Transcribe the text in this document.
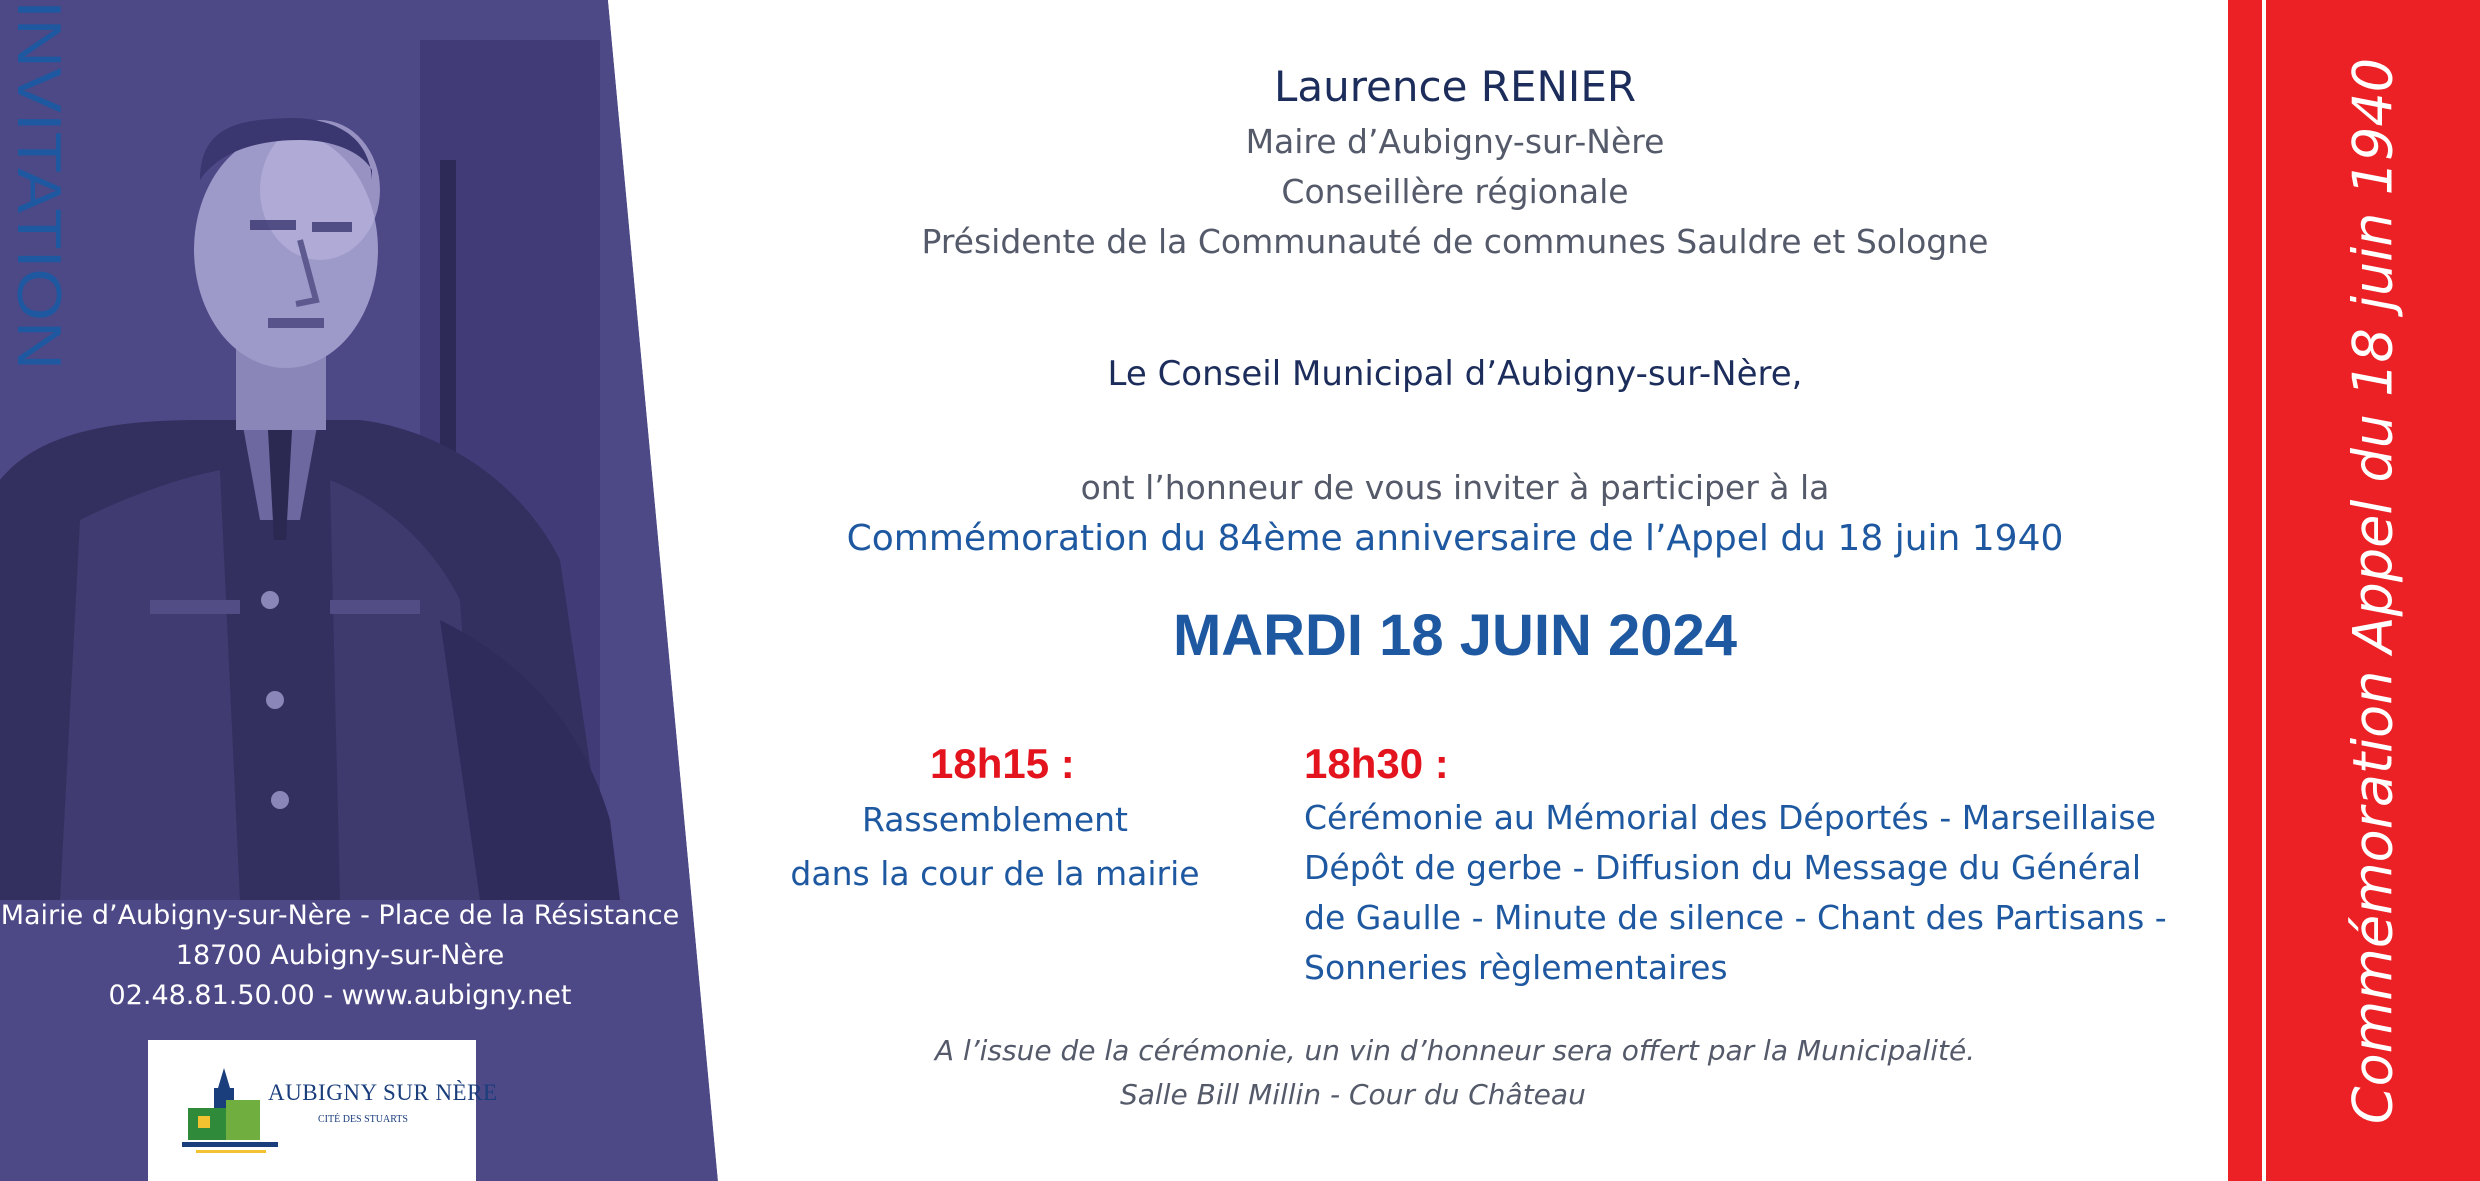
INVITATION
Mairie d’Aubigny-sur-Nère - Place de la Résistance
18700 Aubigny-sur-Nère
02.48.81.50.00 - www.aubigny.net
AUBIGNY SUR NÈRE
CITÉ DES STUARTS	Commémoration Appel du 18 juin 1940
Laurence RENIER
Maire d’Aubigny-sur-Nère
Conseillère régionale
Présidente de la Communauté de communes Sauldre et Sologne
Le Conseil Municipal d’Aubigny-sur-Nère,
ont l’honneur de vous inviter à participer à la
Commémoration du 84ème anniversaire de l’Appel du 18 juin 1940
MARDI 18 JUIN 2024
18h15 :
Rassemblement
dans la cour de la mairie
18h30 :
Cérémonie au Mémorial des Déportés - Marseillaise
Dépôt de gerbe - Diffusion du Message du Général
de Gaulle - Minute de silence - Chant des Partisans -
Sonneries règlementaires
A l’issue de la cérémonie, un vin d’honneur sera offert par la Municipalité.
Salle Bill Millin - Cour du Château
